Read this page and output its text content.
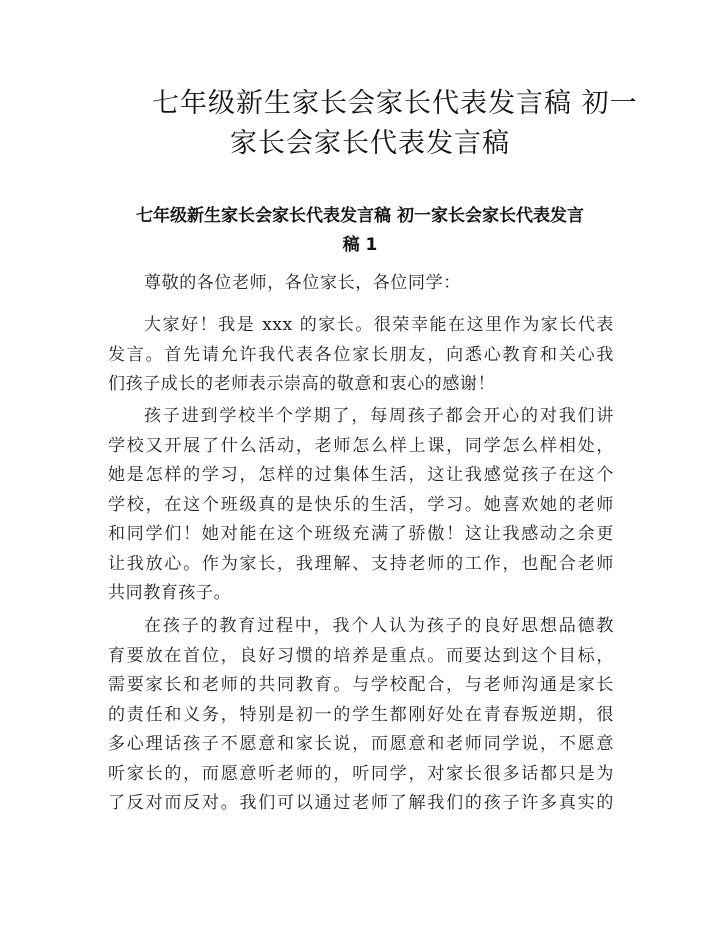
七年级新生家长会家长代表发言稿 初一
家长会家长代表发言稿
七年级新生家长会家长代表发言稿 初一家长会家长代表发言
稿 1
尊敬的各位老师，各位家长，各位同学：
大家好！我是 xxx 的家长。很荣幸能在这里作为家长代表
发言。首先请允许我代表各位家长朋友，向悉心教育和关心我
们孩子成长的老师表示崇高的敬意和衷心的感谢！
孩子进到学校半个学期了，每周孩子都会开心的对我们讲
学校又开展了什么活动，老师怎么样上课，同学怎么样相处，
她是怎样的学习，怎样的过集体生活，这让我感觉孩子在这个
学校，在这个班级真的是快乐的生活，学习。她喜欢她的老师
和同学们！她对能在这个班级充满了骄傲！这让我感动之余更
让我放心。作为家长，我理解、支持老师的工作，也配合老师
共同教育孩子。
在孩子的教育过程中，我个人认为孩子的良好思想品德教
育要放在首位，良好习惯的培养是重点。而要达到这个目标，
需要家长和老师的共同教育。与学校配合，与老师沟通是家长
的责任和义务，特别是初一的学生都刚好处在青春叛逆期，很
多心理话孩子不愿意和家长说，而愿意和老师同学说，不愿意
听家长的，而愿意听老师的，听同学，对家长很多话都只是为
了反对而反对。我们可以通过老师了解我们的孩子许多真实的
